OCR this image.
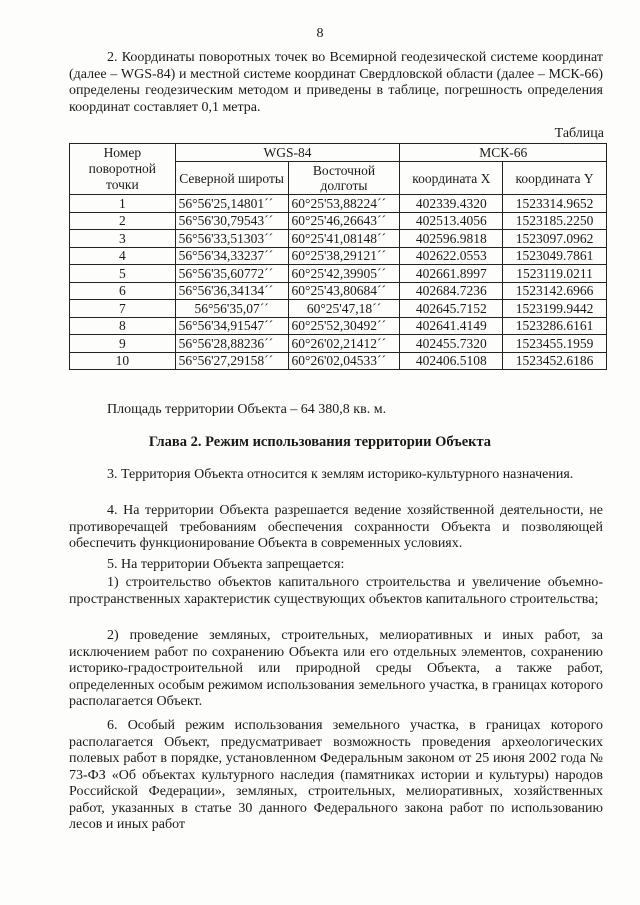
8

2. Координаты поворотных точек во Всемирной геодезической системе координат (далее – WGS-84) и местной системе координат Свердловской области (далее – МСК-66) определены геодезическим методом и приведены в таблице, погрешность определения координат составляет 0,1 метра.

Таблица
Номер поворотной точки	WGS-84		МСК-66	
	Северной широты	Восточной долготы	координата X	координата Y
1	56°56'25,14801´´	60°25'53,88224´´	402339.4320	1523314.9652
2	56°56'30,79543´´	60°25'46,26643´´	402513.4056	1523185.2250
3	56°56'33,51303´´	60°25'41,08148´´	402596.9818	1523097.0962
4	56°56'34,33237´´	60°25'38,29121´´	402622.0553	1523049.7861
5	56°56'35,60772´´	60°25'42,39905´´	402661.8997	1523119.0211
6	56°56'36,34134´´	60°25'43,80684´´	402684.7236	1523142.6966
7	56°56'35,07´´	60°25'47,18´´	402645.7152	1523199.9442
8	56°56'34,91547´´	60°25'52,30492´´	402641.4149	1523286.6161
9	56°56'28,88236´´	60°26'02,21412´´	402455.7320	1523455.1959
10	56°56'27,29158´´	60°26'02,04533´´	402406.5108	1523452.6186

Площадь территории Объекта – 64 380,8 кв. м.

Глава 2. Режим использования территории Объекта

3. Территория Объекта относится к землям историко-культурного назначения.

4. На территории Объекта разрешается ведение хозяйственной деятельности, не противоречащей требованиям обеспечения сохранности Объекта и позволяющей обеспечить функционирование Объекта в современных условиях.

5. На территории Объекта запрещается:

1) строительство объектов капитального строительства и увеличение объемно-пространственных характеристик существующих объектов капитального строительства;

2) проведение земляных, строительных, мелиоративных и иных работ, за исключением работ по сохранению Объекта или его отдельных элементов, сохранению историко-градостроительной или природной среды Объекта, а также работ, определенных особым режимом использования земельного участка, в границах которого располагается Объект.

6. Особый режим использования земельного участка, в границах которого располагается Объект, предусматривает возможность проведения археологических полевых работ в порядке, установленном Федеральным законом от 25 июня 2002 года № 73-ФЗ «Об объектах культурного наследия (памятниках истории и культуры) народов Российской Федерации», земляных, строительных, мелиоративных, хозяйственных работ, указанных в статье 30 данного Федерального закона работ по использованию лесов и иных работ
